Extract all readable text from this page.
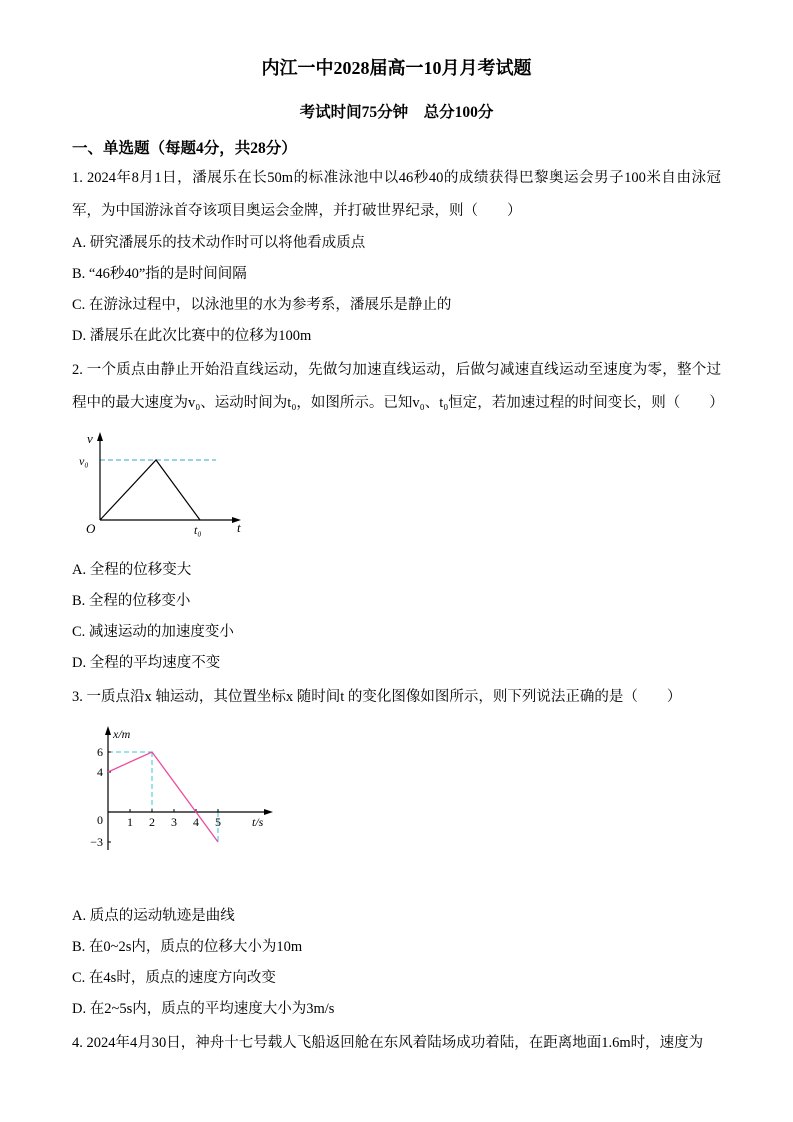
内江一中2028届高一10月月考试题
考试时间75分钟　总分100分
一、单选题（每题4分，共28分）

1. 2024年8月1日，潘展乐在长50m的标准泳池中以46秒40的成绩获得巴黎奥运会男子100米自由泳冠军，为中国游泳首夺该项目奥运会金牌，并打破世界纪录，则（　　）

A. 研究潘展乐的技术动作时可以将他看成质点
B. “46秒40”指的是时间间隔
C. 在游泳过程中，以泳池里的水为参考系，潘展乐是静止的
D. 潘展乐在此次比赛中的位移为100m

2. 一个质点由静止开始沿直线运动，先做匀加速直线运动，后做匀减速直线运动至速度为零，整个过程中的最大速度为v₀、运动时间为t₀，如图所示。已知v₀、t₀恒定，若加速过程的时间变长，则（　　）

v
v₀
O	t₀	t
A. 全程的位移变大
B. 全程的位移变小
C. 减速运动的加速度变小
D. 全程的平均速度不变

3. 一质点沿x 轴运动，其位置坐标x 随时间t 的变化图像如图所示，则下列说法正确的是（　　）

x/m
6
4
0
−3
1 2 3 4 5	t/s
A. 质点的运动轨迹是曲线
B. 在0~2s内，质点的位移大小为10m
C. 在4s时，质点的速度方向改变
D. 在2~5s内，质点的平均速度大小为3m/s

4. 2024年4月30日，神舟十七号载人飞船返回舱在东风着陆场成功着陆，在距离地面1.6m时，速度为
